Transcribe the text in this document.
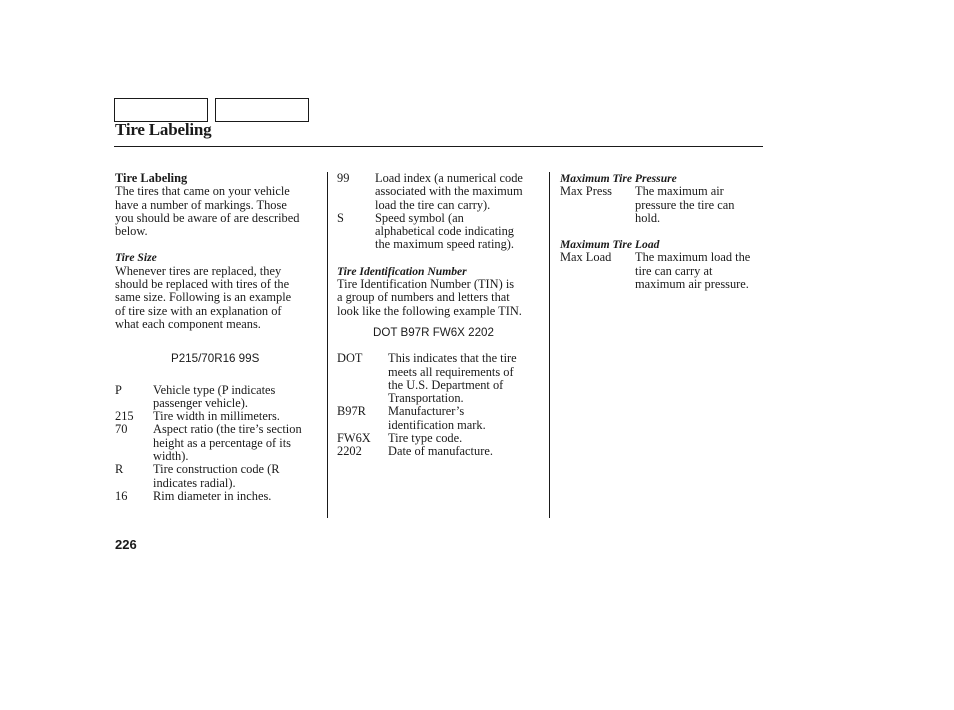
Tire Labeling
Tire Labeling
The tires that came on your vehicle
have a number of markings. Those
you should be aware of are described
below.
Tire Size
Whenever tires are replaced, they
should be replaced with tires of the
same size. Following is an example
of tire size with an explanation of
what each component means.
P215/70R16 99S
P	Vehicle type (P indicates
passenger vehicle).
215	Tire width in millimeters.
70	Aspect ratio (the tire’s section
height as a percentage of its
width).
R	Tire construction code (R
indicates radial).
16	Rim diameter in inches.
99	Load index (a numerical code
associated with the maximum
load the tire can carry).
S	Speed symbol (an
alphabetical code indicating
the maximum speed rating).
Tire Identification Number
Tire Identification Number (TIN) is
a group of numbers and letters that
look like the following example TIN.
DOT B97R FW6X 2202
DOT	This indicates that the tire
meets all requirements of
the U.S. Department of
Transportation.
B97R	Manufacturer’s
identification mark.
FW6X	Tire type code.
2202	Date of manufacture.
Maximum Tire Pressure
Max Press	The maximum air
pressure the tire can
hold.
Maximum Tire Load
Max Load	The maximum load the
tire can carry at
maximum air pressure.
226
